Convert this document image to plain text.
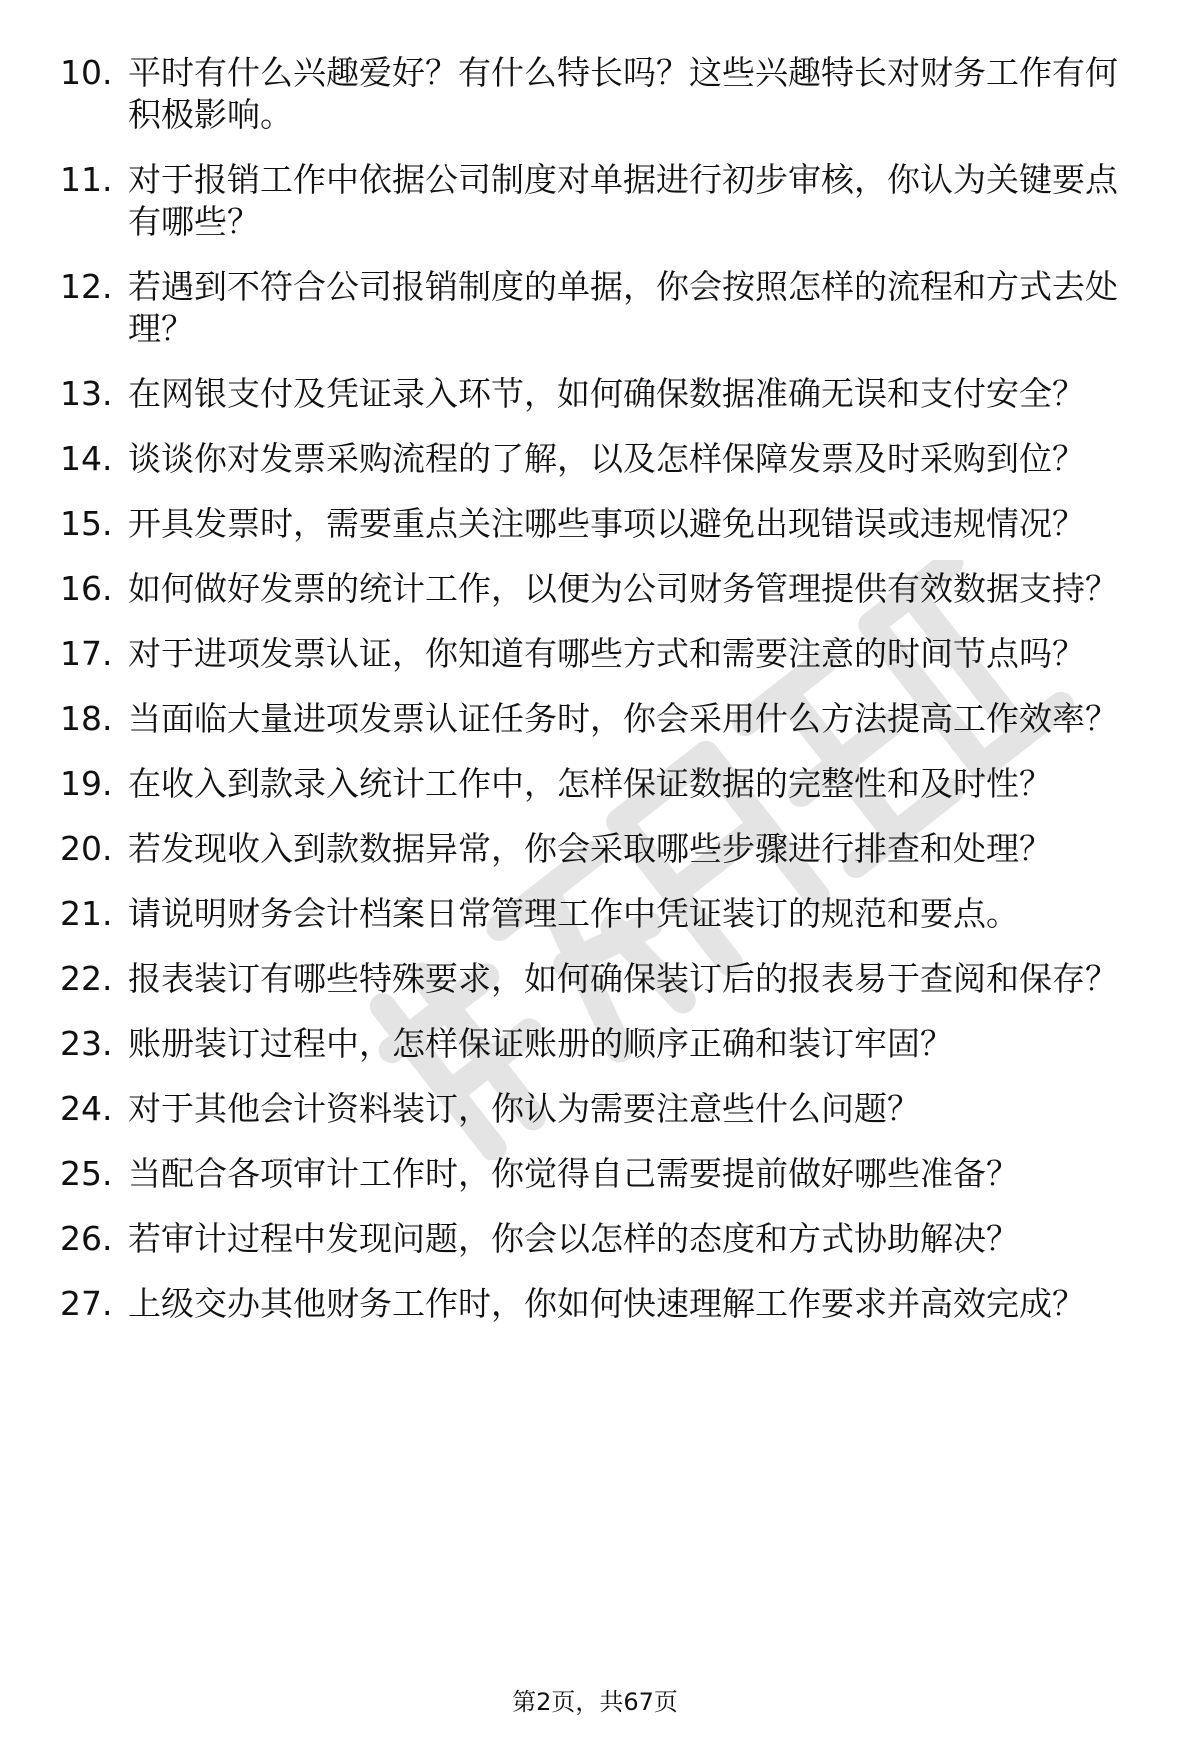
10. 平时有什么兴趣爱好？有什么特长吗？这些兴趣特长对财务工作有何积极影响。
11. 对于报销工作中依据公司制度对单据进行初步审核，你认为关键要点有哪些？
12. 若遇到不符合公司报销制度的单据，你会按照怎样的流程和方式去处理？
13. 在网银支付及凭证录入环节，如何确保数据准确无误和支付安全？
14. 谈谈你对发票采购流程的了解，以及怎样保障发票及时采购到位？
15. 开具发票时，需要重点关注哪些事项以避免出现错误或违规情况？
16. 如何做好发票的统计工作，以便为公司财务管理提供有效数据支持？
17. 对于进项发票认证，你知道有哪些方式和需要注意的时间节点吗？
18. 当面临大量进项发票认证任务时，你会采用什么方法提高工作效率？
19. 在收入到款录入统计工作中，怎样保证数据的完整性和及时性？
20. 若发现收入到款数据异常，你会采取哪些步骤进行排查和处理？
21. 请说明财务会计档案日常管理工作中凭证装订的规范和要点。
22. 报表装订有哪些特殊要求，如何确保装订后的报表易于查阅和保存？
23. 账册装订过程中，怎样保证账册的顺序正确和装订牢固？
24. 对于其他会计资料装订，你认为需要注意些什么问题？
25. 当配合各项审计工作时，你觉得自己需要提前做好哪些准备？
26. 若审计过程中发现问题，你会以怎样的态度和方式协助解决？
27. 上级交办其他财务工作时，你如何快速理解工作要求并高效完成？
第2页，共67页
